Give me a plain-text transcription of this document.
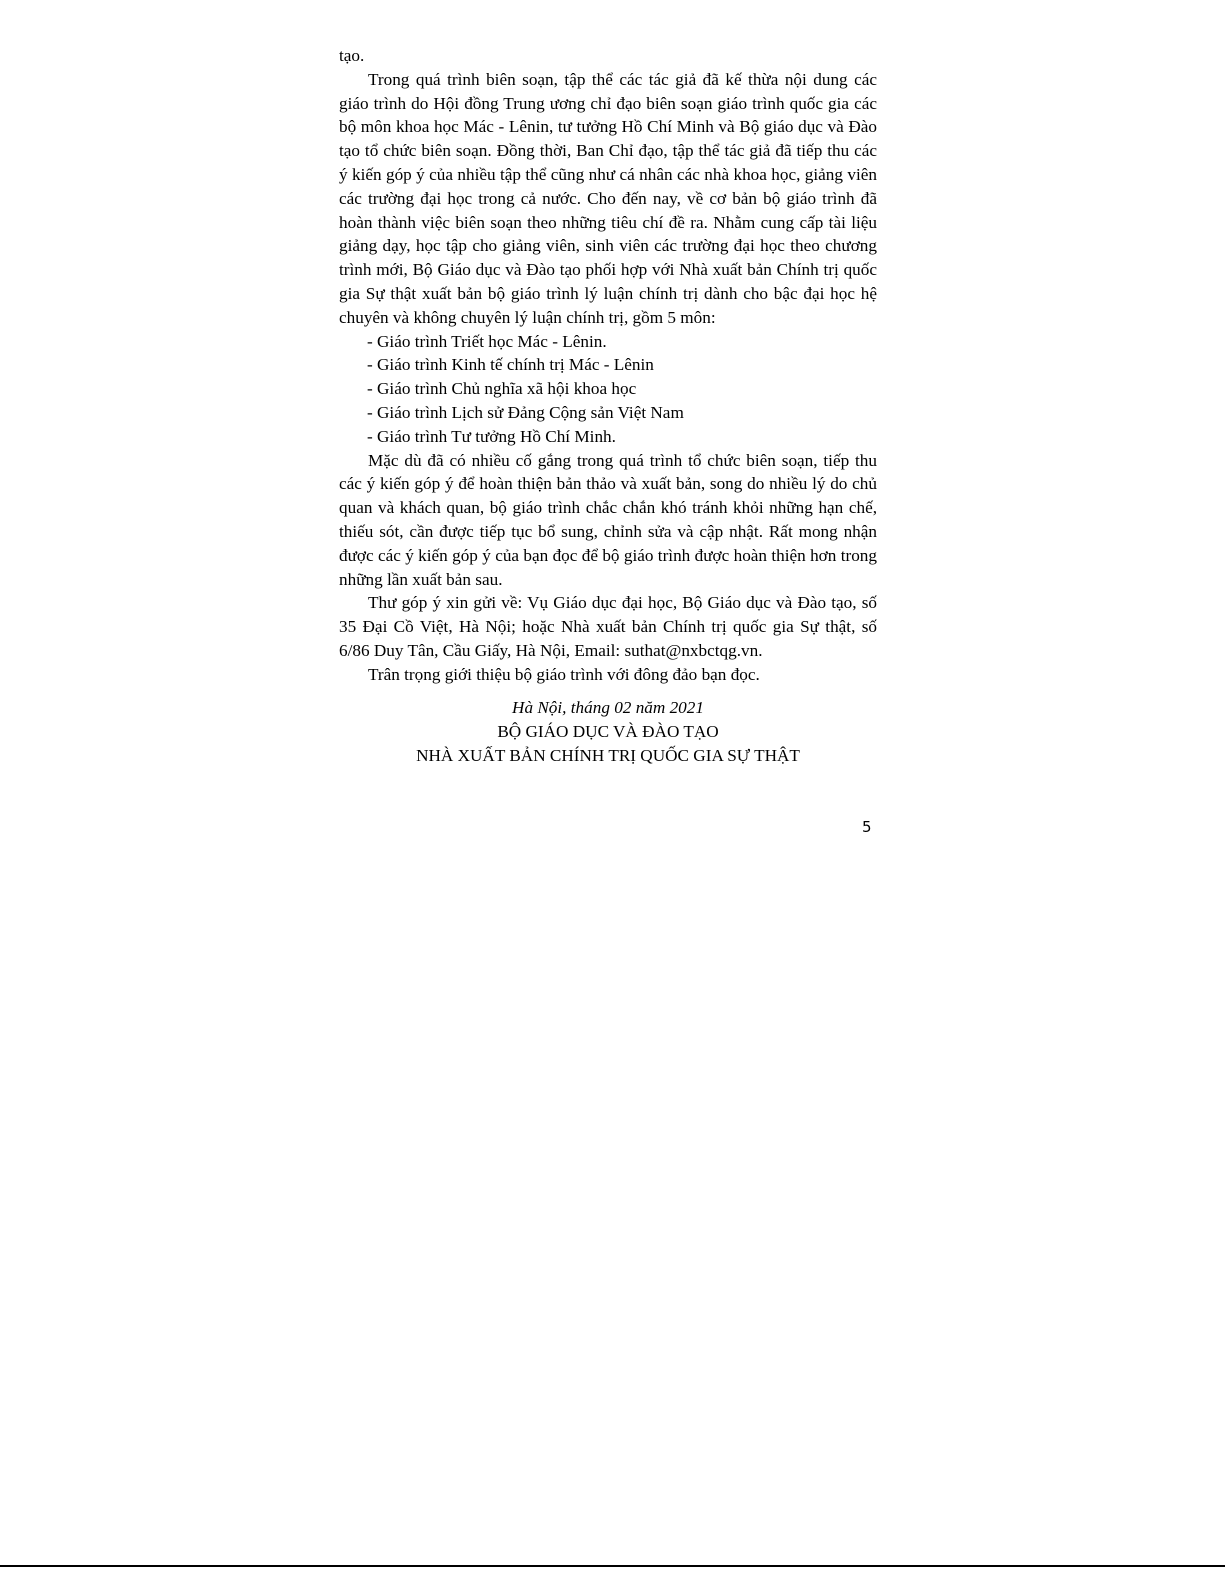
tạo.

Trong quá trình biên soạn, tập thể các tác giả đã kế thừa nội dung các giáo trình do Hội đồng Trung ương chỉ đạo biên soạn giáo trình quốc gia các bộ môn khoa học Mác - Lênin, tư tưởng Hồ Chí Minh và Bộ giáo dục và Đào tạo tổ chức biên soạn. Đồng thời, Ban Chỉ đạo, tập thể tác giả đã tiếp thu các ý kiến góp ý của nhiều tập thể cũng như cá nhân các nhà khoa học, giảng viên các trường đại học trong cả nước. Cho đến nay, về cơ bản bộ giáo trình đã hoàn thành việc biên soạn theo những tiêu chí đề ra. Nhằm cung cấp tài liệu giảng dạy, học tập cho giảng viên, sinh viên các trường đại học theo chương trình mới, Bộ Giáo dục và Đào tạo phối hợp với Nhà xuất bản Chính trị quốc gia Sự thật xuất bản bộ giáo trình lý luận chính trị dành cho bậc đại học hệ chuyên và không chuyên lý luận chính trị, gồm 5 môn:

- Giáo trình Triết học Mác - Lênin.

- Giáo trình Kinh tế chính trị Mác - Lênin

- Giáo trình Chủ nghĩa xã hội khoa học

- Giáo trình Lịch sử Đảng Cộng sản Việt Nam

- Giáo trình Tư tưởng Hồ Chí Minh.

Mặc dù đã có nhiều cố gắng trong quá trình tổ chức biên soạn, tiếp thu các ý kiến góp ý để hoàn thiện bản thảo và xuất bản, song do nhiều lý do chủ quan và khách quan, bộ giáo trình chắc chắn khó tránh khỏi những hạn chế, thiếu sót, cần được tiếp tục bổ sung, chỉnh sửa và cập nhật. Rất mong nhận được các ý kiến góp ý của bạn đọc để bộ giáo trình được hoàn thiện hơn trong những lần xuất bản sau.

Thư góp ý xin gửi về: Vụ Giáo dục đại học, Bộ Giáo dục và Đào tạo, số 35 Đại Cồ Việt, Hà Nội; hoặc Nhà xuất bản Chính trị quốc gia Sự thật, số 6/86 Duy Tân, Cầu Giấy, Hà Nội, Email: suthat@nxbctqg.vn.

Trân trọng giới thiệu bộ giáo trình với đông đảo bạn đọc.

Hà Nội, tháng 02 năm 2021
BỘ GIÁO DỤC VÀ ĐÀO TẠO
NHÀ XUẤT BẢN CHÍNH TRỊ QUỐC GIA SỰ THẬT
5
